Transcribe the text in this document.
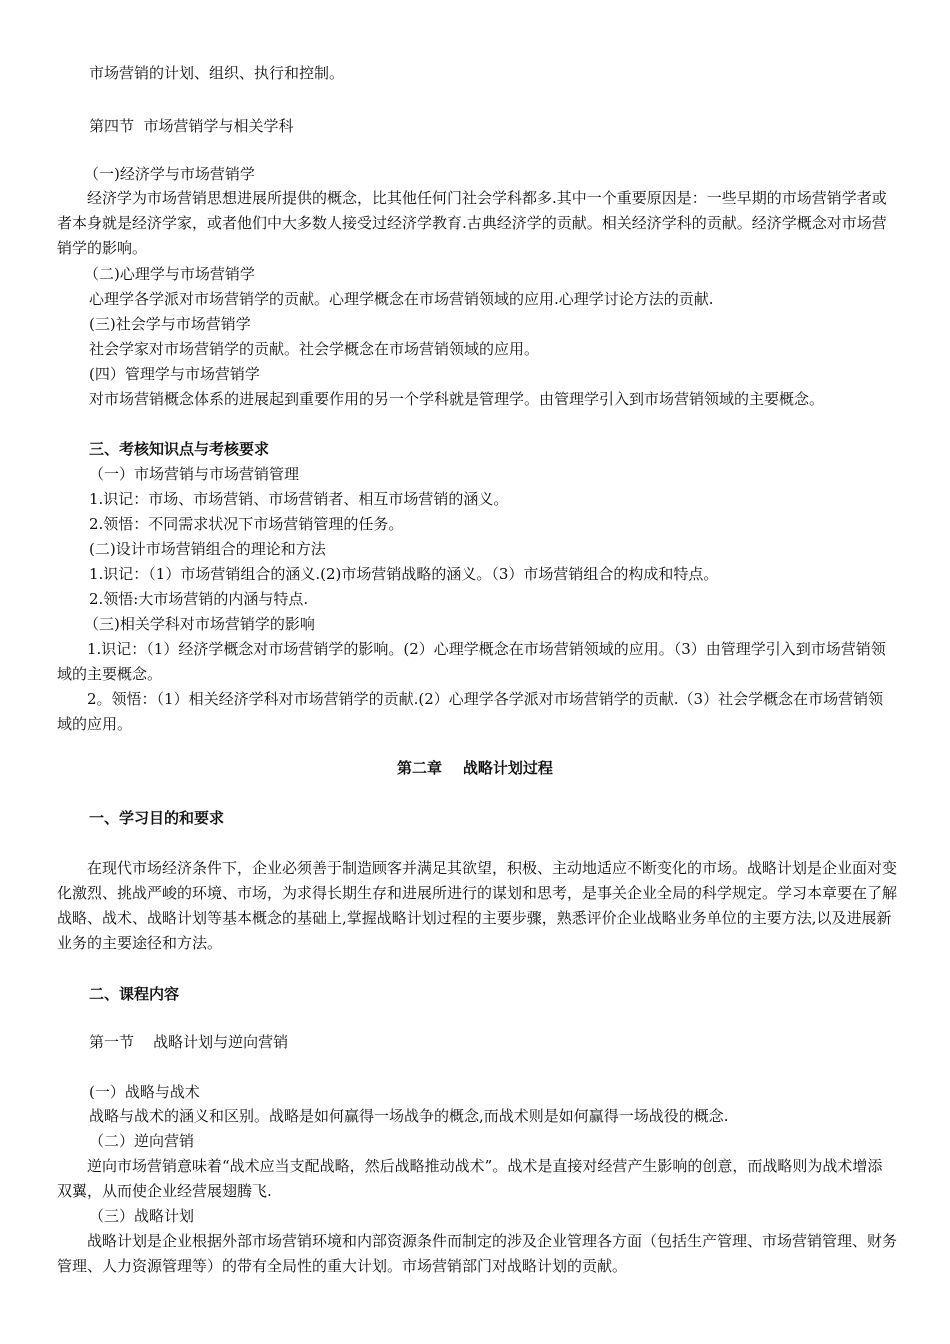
市场营销的计划、组织、执行和控制。
第四节  市场营销学与相关学科
（一)经济学与市场营销学
经济学为市场营销思想进展所提供的概念，比其他任何门社会学科都多.其中一个重要原因是：一些早期的市场营销学者或者本身就是经济学家，或者他们中大多数人接受过经济学教育.古典经济学的贡献。相关经济学科的贡献。经济学概念对市场营销学的影响。
（二)心理学与市场营销学
心理学各学派对市场营销学的贡献。心理学概念在市场营销领域的应用.心理学讨论方法的贡献.
(三)社会学与市场营销学
社会学家对市场营销学的贡献。社会学概念在市场营销领域的应用。
(四）管理学与市场营销学
对市场营销概念体系的进展起到重要作用的另一个学科就是管理学。由管理学引入到市场营销领域的主要概念。
三、考核知识点与考核要求
（一）市场营销与市场营销管理
1.识记：市场、市场营销、市场营销者、相互市场营销的涵义。
2.领悟：不同需求状况下市场营销管理的任务。
(二)设计市场营销组合的理论和方法
1.识记：（1）市场营销组合的涵义.(2)市场营销战略的涵义。（3）市场营销组合的构成和特点。
2.领悟:大市场营销的内涵与特点.
（三)相关学科对市场营销学的影响
1.识记：（1）经济学概念对市场营销学的影响。(2）心理学概念在市场营销领域的应用。（3）由管理学引入到市场营销领域的主要概念。
2。领悟：（1）相关经济学科对市场营销学的贡献.(2）心理学各学派对市场营销学的贡献.（3）社会学概念在市场营销领域的应用。
第二章    战略计划过程
一、学习目的和要求
在现代市场经济条件下，企业必须善于制造顾客并满足其欲望，积极、主动地适应不断变化的市场。战略计划是企业面对变化激烈、挑战严峻的环境、市场，为求得长期生存和进展所进行的谋划和思考，是事关企业全局的科学规定。学习本章要在了解战略、战术、战略计划等基本概念的基础上,掌握战略计划过程的主要步骤，熟悉评价企业战略业务单位的主要方法,以及进展新业务的主要途径和方法。
二、课程内容
第一节    战略计划与逆向营销
(一）战略与战术
战略与战术的涵义和区别。战略是如何赢得一场战争的概念,而战术则是如何赢得一场战役的概念.
（二）逆向营销
逆向市场营销意味着“战术应当支配战略，然后战略推动战术”。战术是直接对经营产生影响的创意，而战略则为战术增添双翼，从而使企业经营展翅腾飞.
（三）战略计划
战略计划是企业根据外部市场营销环境和内部资源条件而制定的涉及企业管理各方面（包括生产管理、市场营销管理、财务管理、人力资源管理等）的带有全局性的重大计划。市场营销部门对战略计划的贡献。
